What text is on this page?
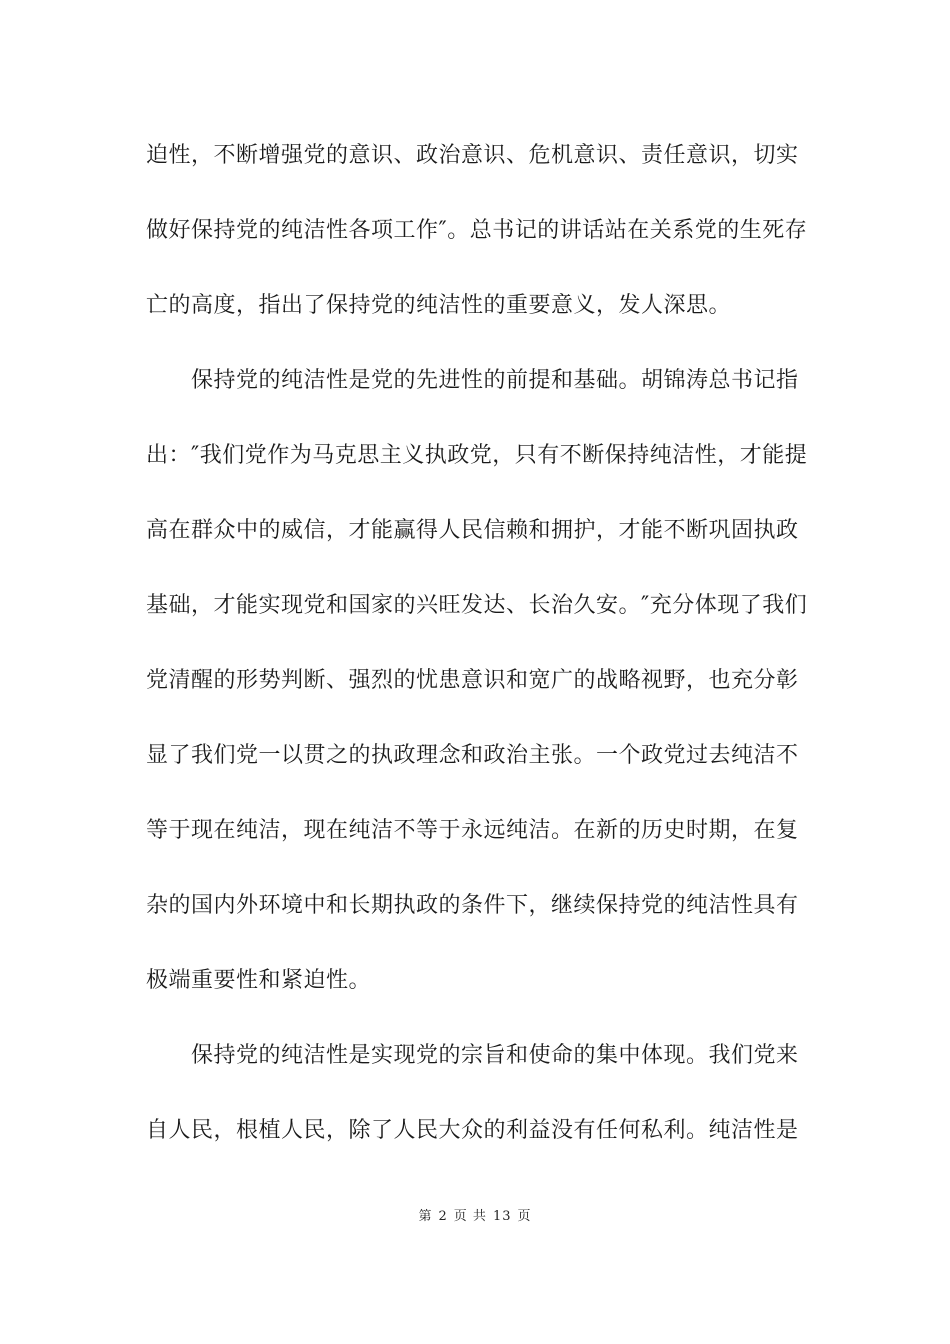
迫性，不断增强党的意识、政治意识、危机意识、责任意识，切实
做好保持党的纯洁性各项工作″。总书记的讲话站在关系党的生死存
亡的高度，指出了保持党的纯洁性的重要意义，发人深思。
保持党的纯洁性是党的先进性的前提和基础。胡锦涛总书记指
出：″我们党作为马克思主义执政党，只有不断保持纯洁性，才能提
高在群众中的威信，才能赢得人民信赖和拥护，才能不断巩固执政
基础，才能实现党和国家的兴旺发达、长治久安。″充分体现了我们
党清醒的形势判断、强烈的忧患意识和宽广的战略视野，也充分彰
显了我们党一以贯之的执政理念和政治主张。一个政党过去纯洁不
等于现在纯洁，现在纯洁不等于永远纯洁。在新的历史时期，在复
杂的国内外环境中和长期执政的条件下，继续保持党的纯洁性具有
极端重要性和紧迫性。
保持党的纯洁性是实现党的宗旨和使命的集中体现。我们党来
自人民，根植人民，除了人民大众的利益没有任何私利。纯洁性是
第 2 页 共 13 页
